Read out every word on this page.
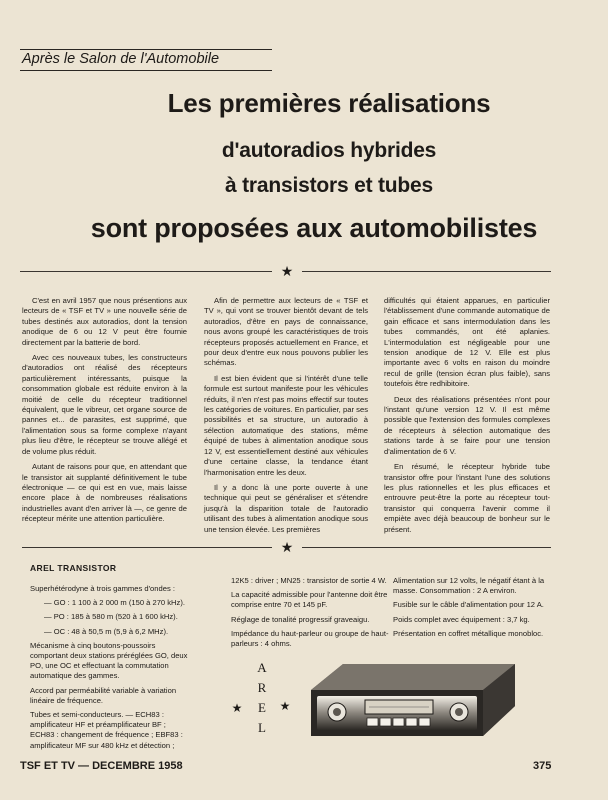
Après le Salon de l'Automobile
Les premières réalisations
d'autoradios hybrides
à transistors et tubes
sont proposées aux automobilistes
★

C'est en avril 1957 que nous présentions aux lecteurs de « TSF et TV » une nouvelle série de tubes destinés aux autoradios, dont la tension anodique de 6 ou 12 V peut être fournie directement par la batterie de bord.

Avec ces nouveaux tubes, les constructeurs d'autoradios ont réalisé des récepteurs particulièrement intéressants, puisque la consommation globale est réduite environ à la moitié de celle du récepteur traditionnel équivalent, que le vibreur, cet organe source de pannes et... de parasites, est supprimé, que l'alimentation sous sa forme complexe n'ayant plus lieu d'être, le récepteur se trouve allégé et de volume plus réduit.

Autant de raisons pour que, en attendant que le transistor ait supplanté définitivement le tube électronique — ce qui est en vue, mais laisse encore place à de nombreuses réalisations industrielles avant d'en arriver là —, ce genre de récepteur mérite une attention particulière.

Afin de permettre aux lecteurs de « TSF et TV », qui vont se trouver bientôt devant de tels autoradios, d'être en pays de connaissance, nous avons groupé les caractéristiques de trois récepteurs proposés actuellement en France, et pour deux d'entre eux nous pouvons publier les schémas.

Il est bien évident que si l'intérêt d'une telle formule est surtout manifeste pour les véhicules réduits, il n'en n'est pas moins effectif sur toutes les catégories de voitures. En particulier, par ses possibilités et sa structure, un autoradio à sélection automatique des stations, même équipé de tubes à alimentation anodique sous 12 V, est essentiellement destiné aux véhicules d'une certaine classe, la tendance étant l'harmonisation entre les deux.

Il y a donc là une porte ouverte à une technique qui peut se généraliser et s'étendre jusqu'à la disparition totale de l'autoradio utilisant des tubes à alimentation anodique sous une tension élevée. Les premières

difficultés qui étaient apparues, en particulier l'établissement d'une commande automatique de gain efficace et sans intermodulation dans les tubes commandés, ont été aplanies. L'intermodulation est négligeable pour une tension anodique de 12 V. Elle est plus importante avec 6 volts en raison du moindre recul de grille (tension écran plus faible), sans toutefois être redhibitoire.

Deux des réalisations présentées n'ont pour l'instant qu'une version 12 V. Il est même possible que l'extension des formules complexes de récepteurs à sélection automatique des stations tarde à se faire pour une tension d'alimentation de 6 V.

En résumé, le récepteur hybride tube transistor offre pour l'instant l'une des solutions les plus rationnelles et les plus efficaces et entrouvre peut-être la porte au récepteur tout-transistor qui conquerra l'avenir comme il empiète avec déjà beaucoup de bonheur sur le présent.

★
AREL TRANSISTOR

Superhétérodyne à trois gammes d'ondes :

— GO : 1 100 à 2 000 m (150 à 270 kHz).

— PO : 185 à 580 m (520 à 1 600 kHz).

— OC : 48 à 50,5 m (5,9 à 6,2 MHz).

Mécanisme à cinq boutons-poussoirs comportant deux stations préréglées GO, deux PO, une OC et effectuant la commutation automatique des gammes.

Accord par perméabilité variable à variation linéaire de fréquence.

Tubes et semi-conducteurs. — ECH83 : amplificateur HF et préamplificateur BF ; ECH83 : changement de fréquence ; EBF83 : amplificateur MF sur 480 kHz et détection ;

12K5 : driver ; MN25 : transistor de sortie 4 W.

La capacité admissible pour l'antenne doit être comprise entre 70 et 145 pF.

Réglage de tonalité progressif graveaigu.

Impédance du haut-parleur ou groupe de haut-parleurs : 4 ohms.

Alimentation sur 12 volts, le négatif étant à la masse. Consommation : 2 A environ.

Fusible sur le câble d'alimentation pour 12 A.

Poids complet avec équipement : 3,7 kg.

Présentation en coffret métallique monobloc.

A
R
E
L
★	★
TSF ET TV — DECEMBRE 1958	375
